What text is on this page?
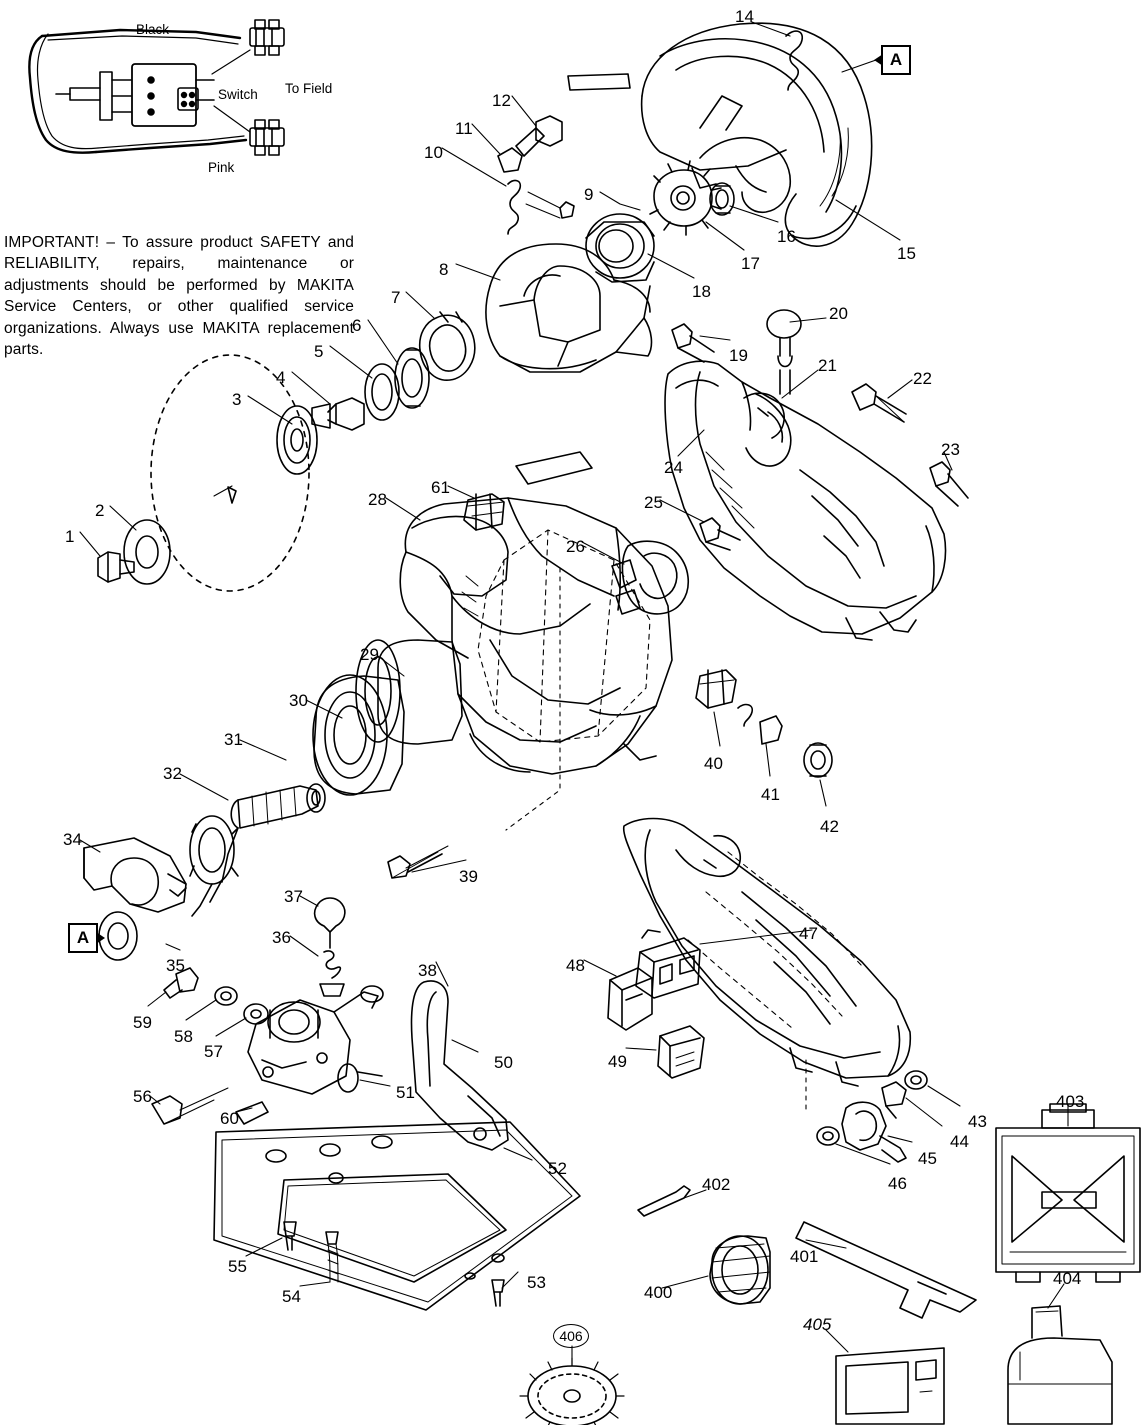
IMPORTANT! – To assure product SAFETY and RELIABILITY, repairs, maintenance or adjustments should be performed by MAKITA Service Centers, or other qualified service organizations. Always use MAKITA replacement parts.
Black
Switch To Field
Pink
A
A
406
14
12
11
10
9
16
15
17
18
8
7
6
5
4
3
19
20
21
22
23
24
25
26
28
61
2
1
29
30
31
32
34
40
41
42
39
37
36
35
59
58
57
38
47
48
49
50
51
56
60
52
55
54
53
43
44
45
46
403
402
401
400
404
405
